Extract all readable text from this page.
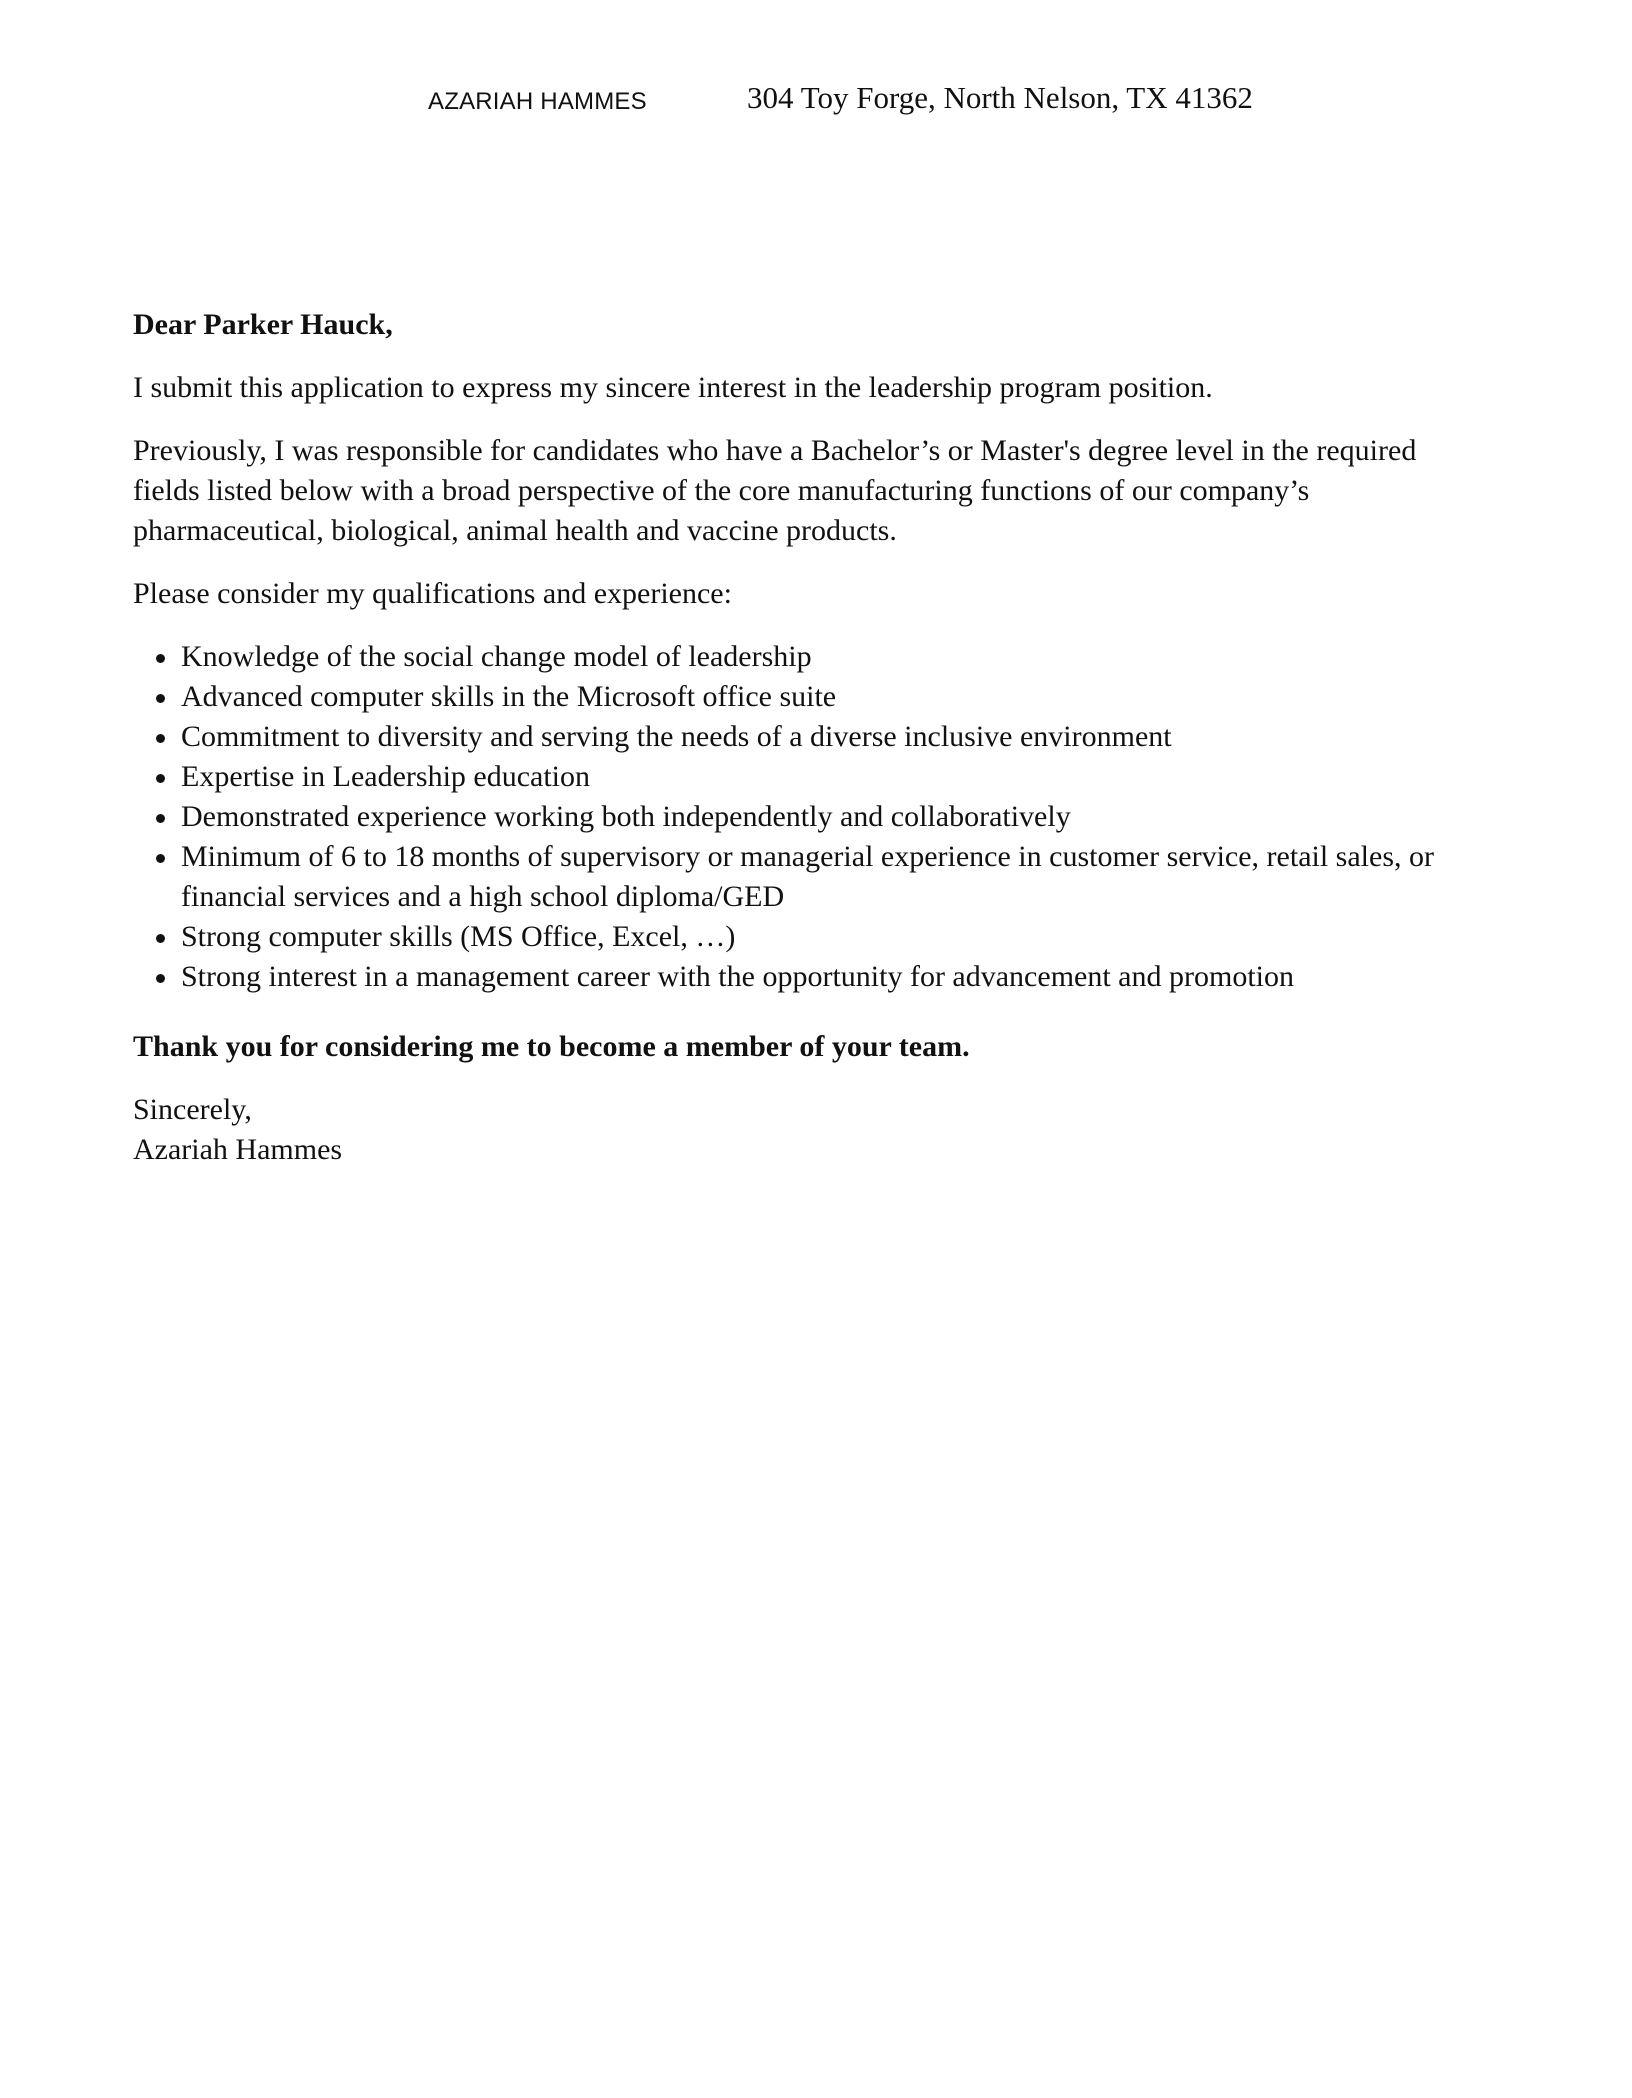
AZARIAH HAMMES	304 Toy Forge, North Nelson, TX 41362

Dear Parker Hauck,

I submit this application to express my sincere interest in the leadership program position.

Previously, I was responsible for candidates who have a Bachelor’s or Master's degree level in the required fields listed below with a broad perspective of the core manufacturing functions of our company’s pharmaceutical, biological, animal health and vaccine products.

Please consider my qualifications and experience:

Knowledge of the social change model of leadership
Advanced computer skills in the Microsoft office suite
Commitment to diversity and serving the needs of a diverse inclusive environment
Expertise in Leadership education
Demonstrated experience working both independently and collaboratively
Minimum of 6 to 18 months of supervisory or managerial experience in customer service, retail sales, or financial services and a high school diploma/GED
Strong computer skills (MS Office, Excel, …)
Strong interest in a management career with the opportunity for advancement and promotion

Thank you for considering me to become a member of your team.

Sincerely,

Azariah Hammes
